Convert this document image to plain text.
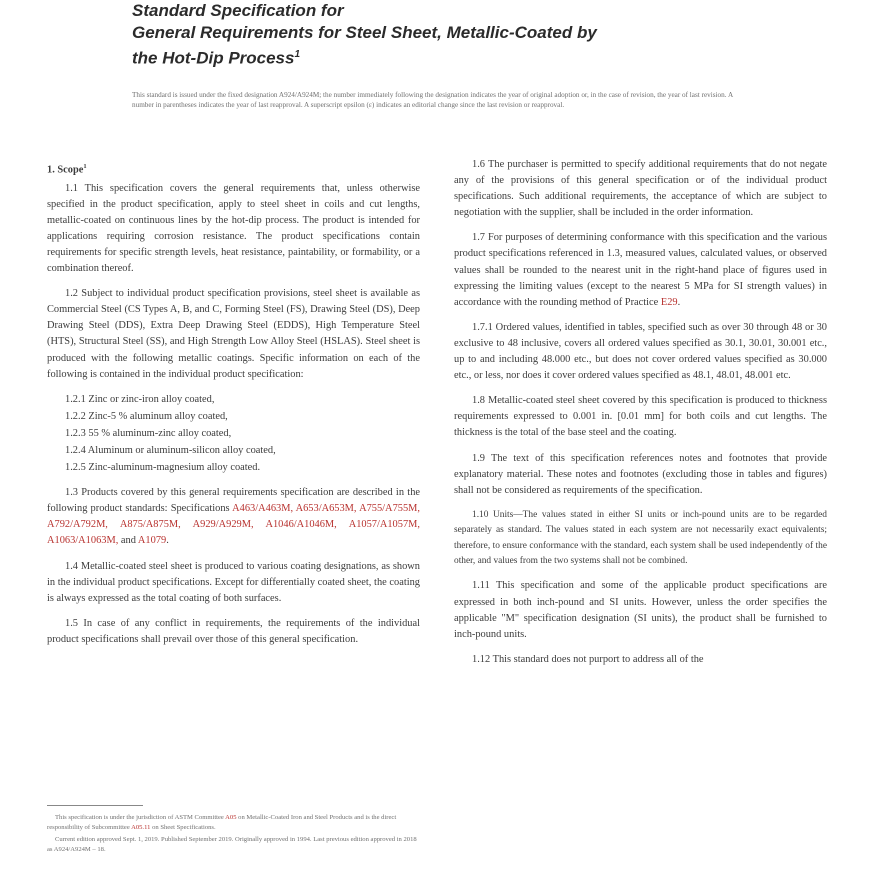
Standard Specification for
General Requirements for Steel Sheet, Metallic-Coated by
the Hot-Dip Process$^1$

This standard is issued under the fixed designation A924/A924M; the number immediately following the designation indicates the year of original adoption or, in the case of revision, the year of last revision. A number in parentheses indicates the year of last reapproval. A superscript epsilon (ε) indicates an editorial change since the last revision or reapproval.

1. Scope$^1$

1.1 This specification covers the general requirements that, unless otherwise specified in the product specification, apply to steel sheet in coils and cut lengths, metallic-coated on continuous lines by the hot-dip process. The product is intended for applications requiring corrosion resistance. The product specifications contain requirements for specific strength levels, heat resistance, paintability, or formability, or a combination thereof.

1.2 Subject to individual product specification provisions, steel sheet is available as Commercial Steel (CS Types A, B, and C, Forming Steel (FS), Drawing Steel (DS), Deep Drawing Steel (DDS), Extra Deep Drawing Steel (EDDS), High Temperature Steel (HTS), Structural Steel (SS), and High Strength Low Alloy Steel (HSLAS). Steel sheet is produced with the following metallic coatings. Specific information on each of the following is contained in the individual product specification:

1.2.1 Zinc or zinc-iron alloy coated,

1.2.2 Zinc-5 % aluminum alloy coated,

1.2.3 55 % aluminum-zinc alloy coated,

1.2.4 Aluminum or aluminum-silicon alloy coated,

1.2.5 Zinc-aluminum-magnesium alloy coated.

1.3 Products covered by this general requirements specification are described in the following product standards: Specifications A463/A463M, A653/A653M, A755/A755M, A792/A792M, A875/A875M, A929/A929M, A1046/A1046M, A1057/A1057M, A1063/A1063M, and A1079.

1.4 Metallic-coated steel sheet is produced to various coating designations, as shown in the individual product specifications. Except for differentially coated sheet, the coating is always expressed as the total coating of both surfaces.

1.5 In case of any conflict in requirements, the requirements of the individual product specifications shall prevail over those of this general specification.

1.6 The purchaser is permitted to specify additional requirements that do not negate any of the provisions of this general specification or of the individual product specifications. Such additional requirements, the acceptance of which are subject to negotiation with the supplier, shall be included in the order information.

1.7 For purposes of determining conformance with this specification and the various product specifications referenced in 1.3, measured values, calculated values, or observed values shall be rounded to the nearest unit in the right-hand place of figures used in expressing the limiting values (except to the nearest 5 MPa for SI strength values) in accordance with the rounding method of Practice E29.

1.7.1 Ordered values, identified in tables, specified such as over 30 through 48 or 30 exclusive to 48 inclusive, covers all ordered values specified as 30.1, 30.01, 30.001 etc., up to and including 48.000 etc., but does not cover ordered values specified as 30.000 etc., or less, nor does it cover ordered values specified as 48.1, 48.01, 48.001 etc.

1.8 Metallic-coated steel sheet covered by this specification is produced to thickness requirements expressed to 0.001 in. [0.01 mm] for both coils and cut lengths. The thickness is the total of the base steel and the coating.

1.9 The text of this specification references notes and footnotes that provide explanatory material. These notes and footnotes (excluding those in tables and figures) shall not be considered as requirements of the specification.

1.10 Units—The values stated in either SI units or inch-pound units are to be regarded separately as standard. The values stated in each system are not necessarily exact equivalents; therefore, to ensure conformance with the standard, each system shall be used independently of the other, and values from the two systems shall not be combined.

1.11 This specification and some of the applicable product specifications are expressed in both inch-pound and SI units. However, unless the order specifies the applicable "M" specification designation (SI units), the product shall be furnished to inch-pound units.

1.12 This standard does not purport to address all of the

This specification is under the jurisdiction of ASTM Committee A05 on Metallic-Coated Iron and Steel Products and is the direct responsibility of Subcommittee A05.11 on Sheet Specifications.

Current edition approved Sept. 1, 2019. Published September 2019. Originally approved in 1994. Last previous edition approved in 2018 as A924/A924M – 18.
